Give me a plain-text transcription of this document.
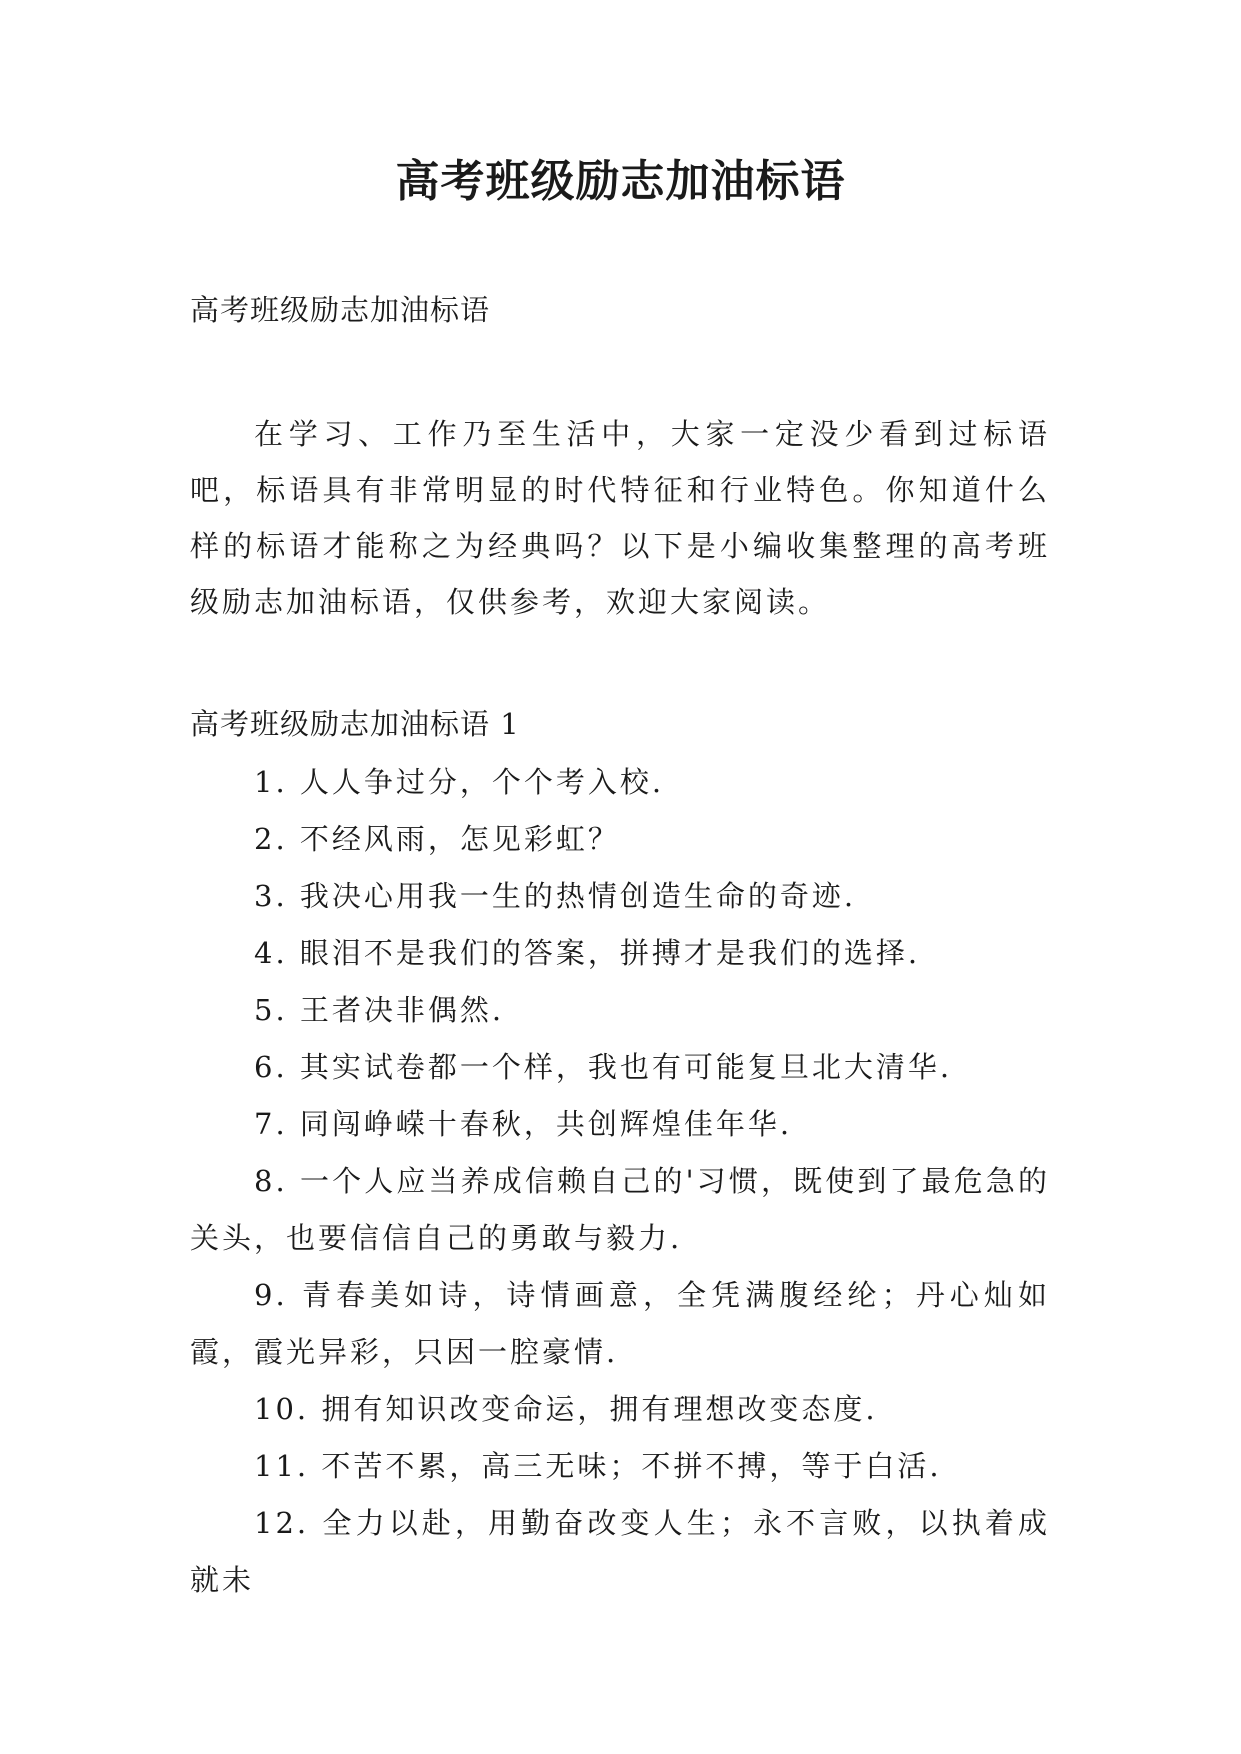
高考班级励志加油标语

高考班级励志加油标语

在学习、工作乃至生活中，大家一定没少看到过标语吧，标语具有非常明显的时代特征和行业特色。你知道什么样的标语才能称之为经典吗？以下是小编收集整理的高考班级励志加油标语，仅供参考，欢迎大家阅读。

高考班级励志加油标语 1

1. 人人争过分，个个考入校.
2. 不经风雨，怎见彩虹？
3. 我决心用我一生的热情创造生命的奇迹.
4. 眼泪不是我们的答案，拼搏才是我们的选择.
5. 王者决非偶然.
6. 其实试卷都一个样，我也有可能复旦北大清华.
7. 同闯峥嵘十春秋，共创辉煌佳年华.
8. 一个人应当养成信赖自己的'习惯，既使到了最危急的关头，也要信信自己的勇敢与毅力.
9. 青春美如诗，诗情画意，全凭满腹经纶；丹心灿如霞，霞光异彩，只因一腔豪情.
10. 拥有知识改变命运，拥有理想改变态度.
11. 不苦不累，高三无味；不拼不搏，等于白活.
12. 全力以赴，用勤奋改变人生；永不言败，以执着成就未
